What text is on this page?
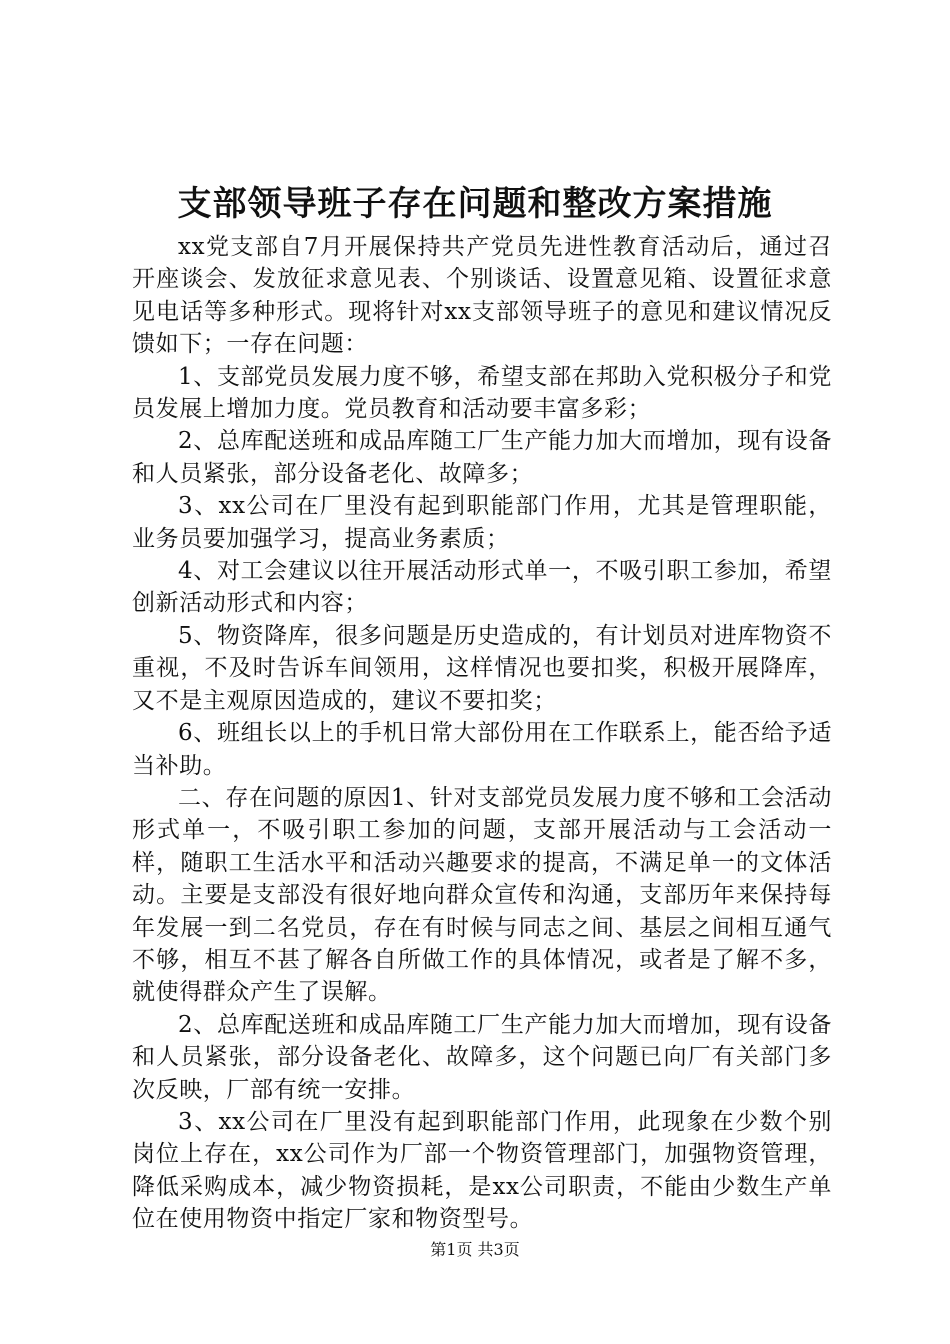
支部领导班子存在问题和整改方案措施

xx党支部自7月开展保持共产党员先进性教育活动后，通过召开座谈会、发放征求意见表、个别谈话、设置意见箱、设置征求意见电话等多种形式。现将针对xx支部领导班子的意见和建议情况反馈如下；一存在问题：

1、支部党员发展力度不够，希望支部在邦助入党积极分子和党员发展上增加力度。党员教育和活动要丰富多彩；

2、总库配送班和成品库随工厂生产能力加大而增加，现有设备和人员紧张，部分设备老化、故障多；

3、xx公司在厂里没有起到职能部门作用，尤其是管理职能，业务员要加强学习，提高业务素质；

4、对工会建议以往开展活动形式单一，不吸引职工参加，希望创新活动形式和内容；

5、物资降库，很多问题是历史造成的，有计划员对进库物资不重视，不及时告诉车间领用，这样情况也要扣奖，积极开展降库，又不是主观原因造成的，建议不要扣奖；

6、班组长以上的手机日常大部份用在工作联系上，能否给予适当补助。

二、存在问题的原因1、针对支部党员发展力度不够和工会活动形式单一，不吸引职工参加的问题，支部开展活动与工会活动一样，随职工生活水平和活动兴趣要求的提高，不满足单一的文体活动。主要是支部没有很好地向群众宣传和沟通，支部历年来保持每年发展一到二名党员，存在有时候与同志之间、基层之间相互通气不够，相互不甚了解各自所做工作的具体情况，或者是了解不多，就使得群众产生了误解。

2、总库配送班和成品库随工厂生产能力加大而增加，现有设备和人员紧张，部分设备老化、故障多，这个问题已向厂有关部门多次反映，厂部有统一安排。

3、xx公司在厂里没有起到职能部门作用，此现象在少数个别岗位上存在，xx公司作为厂部一个物资管理部门，加强物资管理，降低采购成本，减少物资损耗，是xx公司职责，不能由少数生产单位在使用物资中指定厂家和物资型号。

第1页 共3页
